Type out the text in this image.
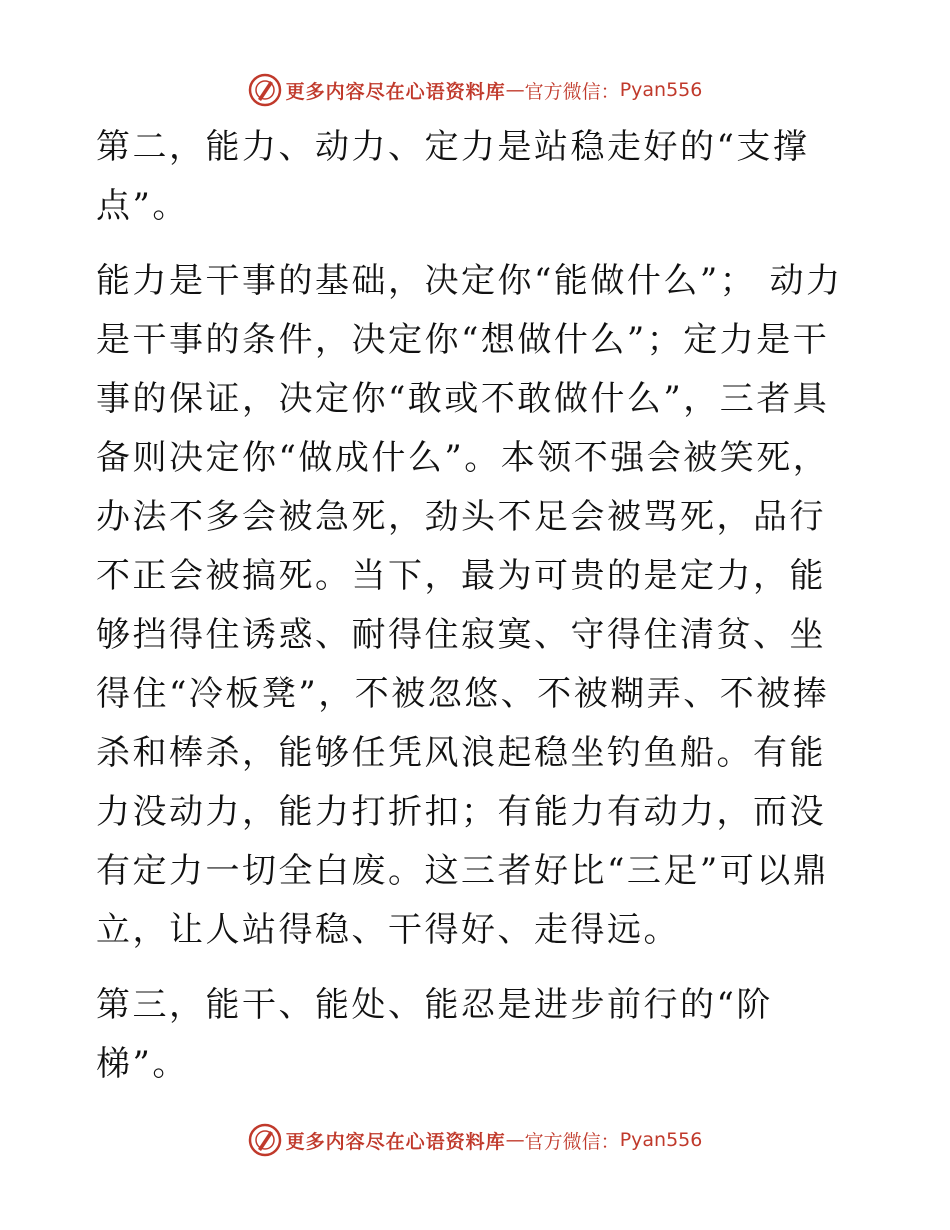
更多内容尽在心语资料库 — 官方微信： Pyan556

第二，能力、动力、定力是站稳走好的“支撑点”。

能力是干事的基础，决定你“能做什么”； 动力是干事的条件，决定你“想做什么”；定力是干事的保证，决定你“敢或不敢做什么”，三者具备则决定你“做成什么”。本领不强会被笑死，办法不多会被急死，劲头不足会被骂死，品行不正会被搞死。当下，最为可贵的是定力，能够挡得住诱惑、耐得住寂寞、守得住清贫、坐得住“冷板凳”，不被忽悠、不被糊弄、不被捧杀和棒杀，能够任凭风浪起稳坐钓鱼船。有能力没动力，能力打折扣；有能力有动力，而没有定力一切全白废。这三者好比“三足”可以鼎立，让人站得稳、干得好、走得远。

第三，能干、能处、能忍是进步前行的“阶梯”。

更多内容尽在心语资料库 — 官方微信： Pyan556
